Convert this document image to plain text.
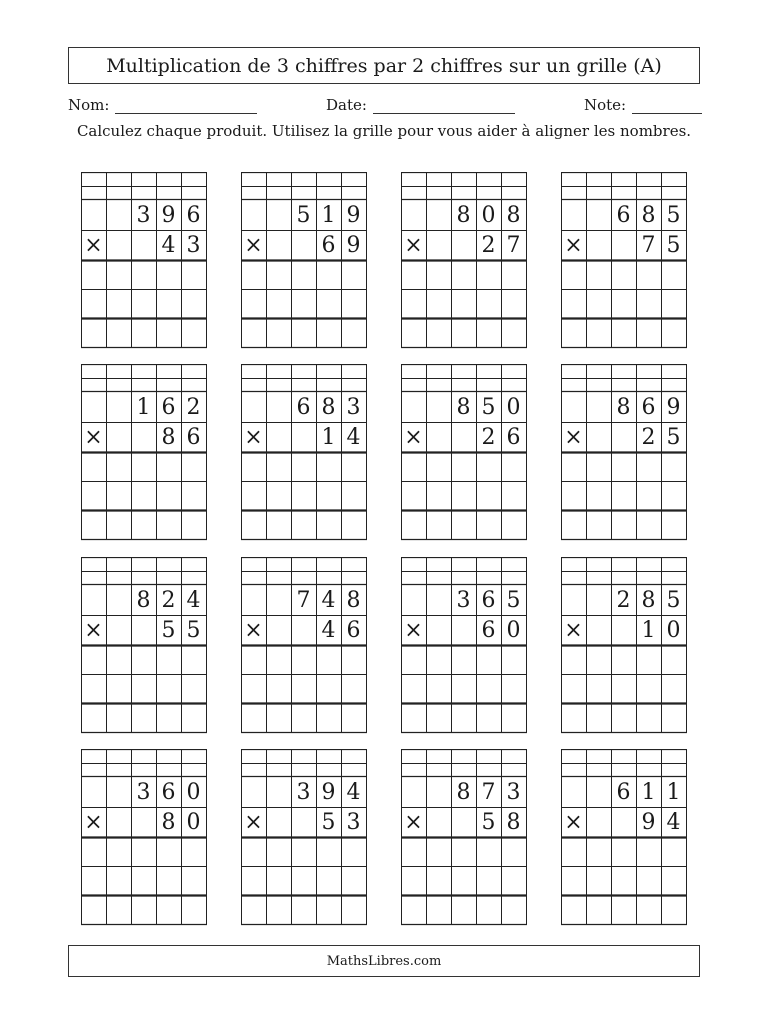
Multiplication de 3 chiffres par 2 chiffres sur un grille (A)
Nom:	Date:	Note:
Calculez chaque produit. Utilisez la grille pour vous aider à aligner les nombres.
3 9 6
×	4 3
5 1 9
×	6 9
8 0 8
×	2 7
6 8 5
×	7 5
1 6 2
×	8 6
6 8 3
×	1 4
8 5 0
×	2 6
8 6 9
×	2 5
8 2 4
×	5 5
7 4 8
×	4 6
3 6 5
×	6 0
2 8 5
×	1 0
3 6 0
×	8 0
3 9 4
×	5 3
8 7 3
×	5 8
6 1 1
×	9 4
MathsLibres.com
